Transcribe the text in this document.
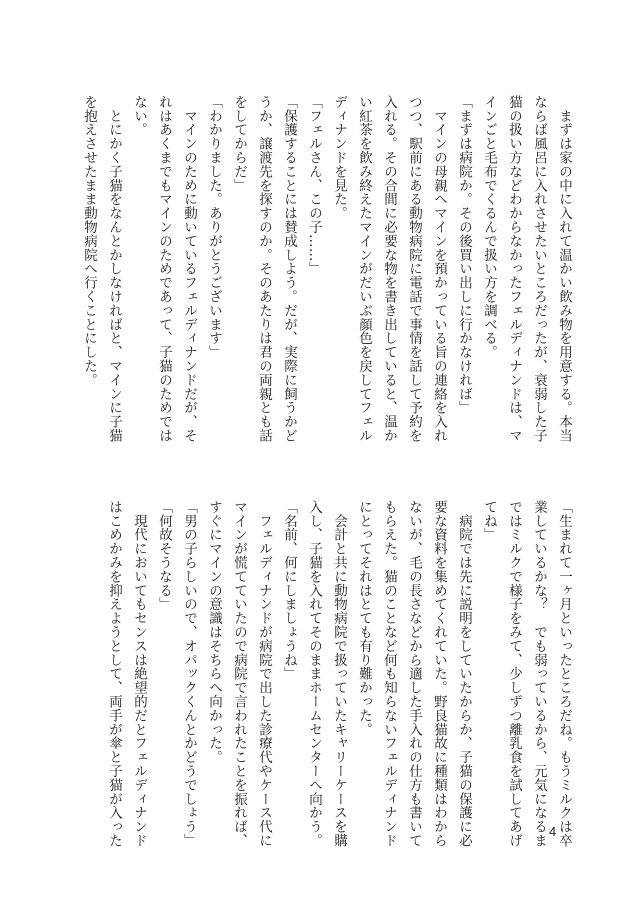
　まずは家の中に入れて温かい飲み物を用意する。本当

ならば風呂に入れさせたいところだったが、衰弱した子

猫の扱い方などわからなかったフェルディナンドは、マ

インごと毛布でくるんで扱い方を調べる。

「まずは病院か。その後買い出しに行かなければ」

　マインの母親へマインを預かっている旨の連絡を入れ

つつ、駅前にある動物病院に電話で事情を話して予約を

入れる。その合間に必要な物を書き出していると、温か

い紅茶を飲み終えたマインがだいぶ顔色を戻してフェル

ディナンドを見た。

「フェルさん、この子……」

「保護することには賛成しよう。だが、実際に飼うかど

うか、譲渡先を探すのか。そのあたりは君の両親とも話

をしてからだ」

「わかりました。ありがとうございます」

　マインのために動いているフェルディナンドだが、そ

れはあくまでもマインのためであって、子猫のためでは

ない。

　とにかく子猫をなんとかしなければと、マインに子猫

を抱えさせたまま動物病院へ行くことにした。

「生まれて一ヶ月といったところだね。もうミルクは卒

業しているかな？　でも弱っているから、元気になるま

ではミルクで様子をみて、少しずつ離乳食を試してあげ

てね」

　病院では先に説明をしていたからか、子猫の保護に必

要な資料を集めてくれていた。野良猫故に種類はわから

ないが、毛の長さなどから適した手入れの仕方も書いて

もらえた。猫のことなど何も知らないフェルディナンド

にとってそれはとても有り難かった。

　会計と共に動物病院で扱っていたキャリーケースを購

入し、子猫を入れてそのままホームセンターへ向かう。

「名前、何にしましょうね」

　フェルディナンドが病院で出した診療代やケース代に

マインが慌てていたので病院で言われたことを振れば、

すぐにマインの意識はそちらへ向かった。

「男の子らしいので、オパックくんとかどうでしょう」

「何故そうなる」

　現代においてもセンスは絶望的だとフェルディナンド

はこめかみを抑えようとして、両手が傘と子猫が入った	4
